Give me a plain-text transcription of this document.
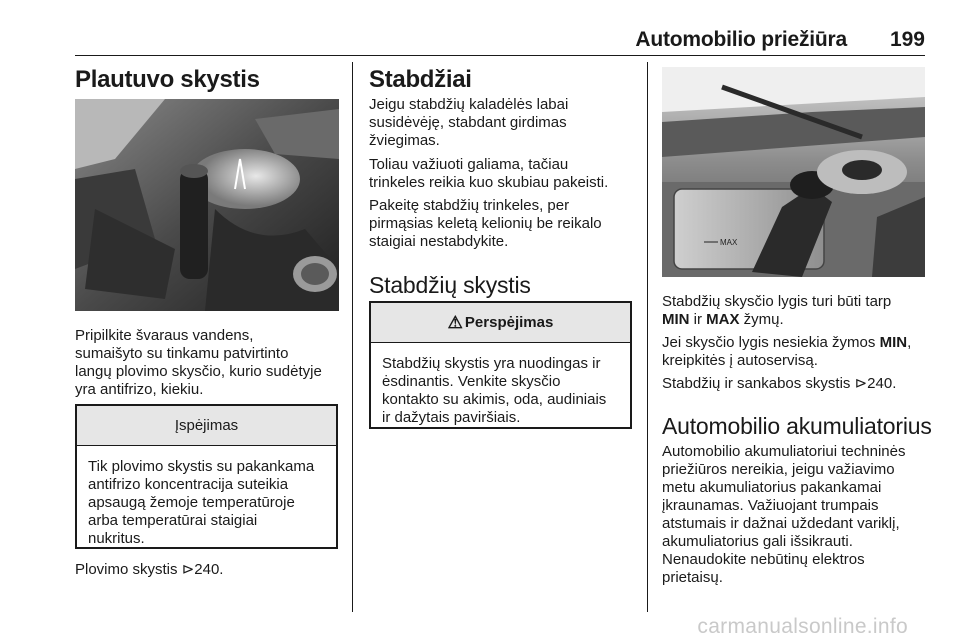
Automobilio priežiūra 199
Plautuvo skystis
Pripilkite švaraus vandens,
sumaišyto su tinkamu patvirtinto
langų plovimo skysčio, kurio sudėtyje
yra antifrizo, kiekiu.
Įspėjimas
Tik plovimo skystis su pakankama
antifrizo koncentracija suteikia
apsaugą žemoje temperatūroje
arba temperatūrai staigiai
nukritus.
Plovimo skystis ⊳240.
Stabdžiai
Jeigu stabdžių kaladėlės labai
susidėvėję, stabdant girdimas
žviegimas.
Toliau važiuoti galiama, tačiau
trinkeles reikia kuo skubiau pakeisti.
Pakeitę stabdžių trinkeles, per
pirmąsias keletą kelionių be reikalo
staigiai nestabdykite.
Stabdžių skystis
⚠ Perspėjimas
Stabdžių skystis yra nuodingas ir
ėsdinantis. Venkite skysčio
kontakto su akimis, oda, audiniais
ir dažytais paviršiais.
MAX
Stabdžių skysčio lygis turi būti tarp
MIN ir MAX žymų.
Jei skysčio lygis nesiekia žymos MIN,
kreipkitės į autoservisą.
Stabdžių ir sankabos skystis ⊳240.
Automobilio akumuliatorius
Automobilio akumuliatoriui techninės
priežiūros nereikia, jeigu važiavimo
metu akumuliatorius pakankamai
įkraunamas. Važiuojant trumpais
atstumais ir dažnai uždedant variklį,
akumuliatorius gali išsikrauti.
Nenaudokite nebūtinų elektros
prietaisų.
carmanualsonline.info
